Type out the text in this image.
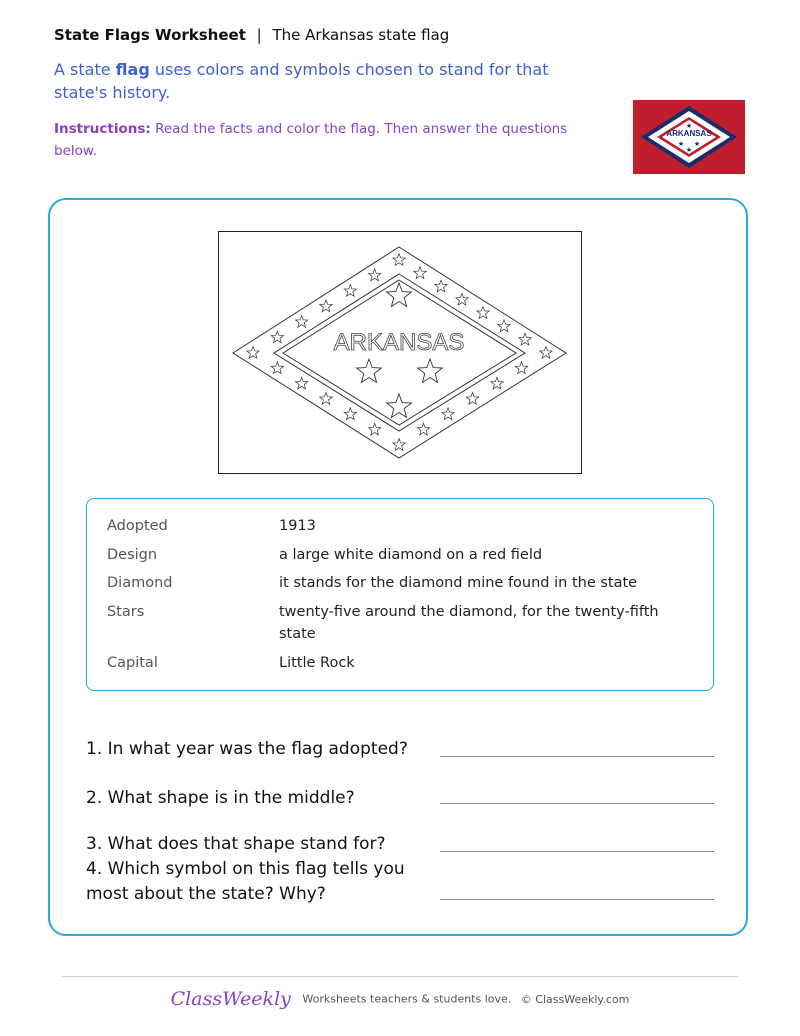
State Flags Worksheet | The Arkansas state flag
A state flag uses colors and symbols chosen to stand for that state's history.
Instructions: Read the facts and color the flag. Then answer the questions below.
ARKANSAS
★
★ ★
★
ARKANSAS
Adopted	1913
Design	a large white diamond on a red field
Diamond	it stands for the diamond mine found in the state
Stars	twenty-five around the diamond, for the twenty-fifth state
Capital	Little Rock
1. In what year was the flag adopted?
2. What shape is in the middle?
3. What does that shape stand for?
4. Which symbol on this flag tells you most about the state? Why?
ClassWeekly Worksheets teachers & students love. © ClassWeekly.com
